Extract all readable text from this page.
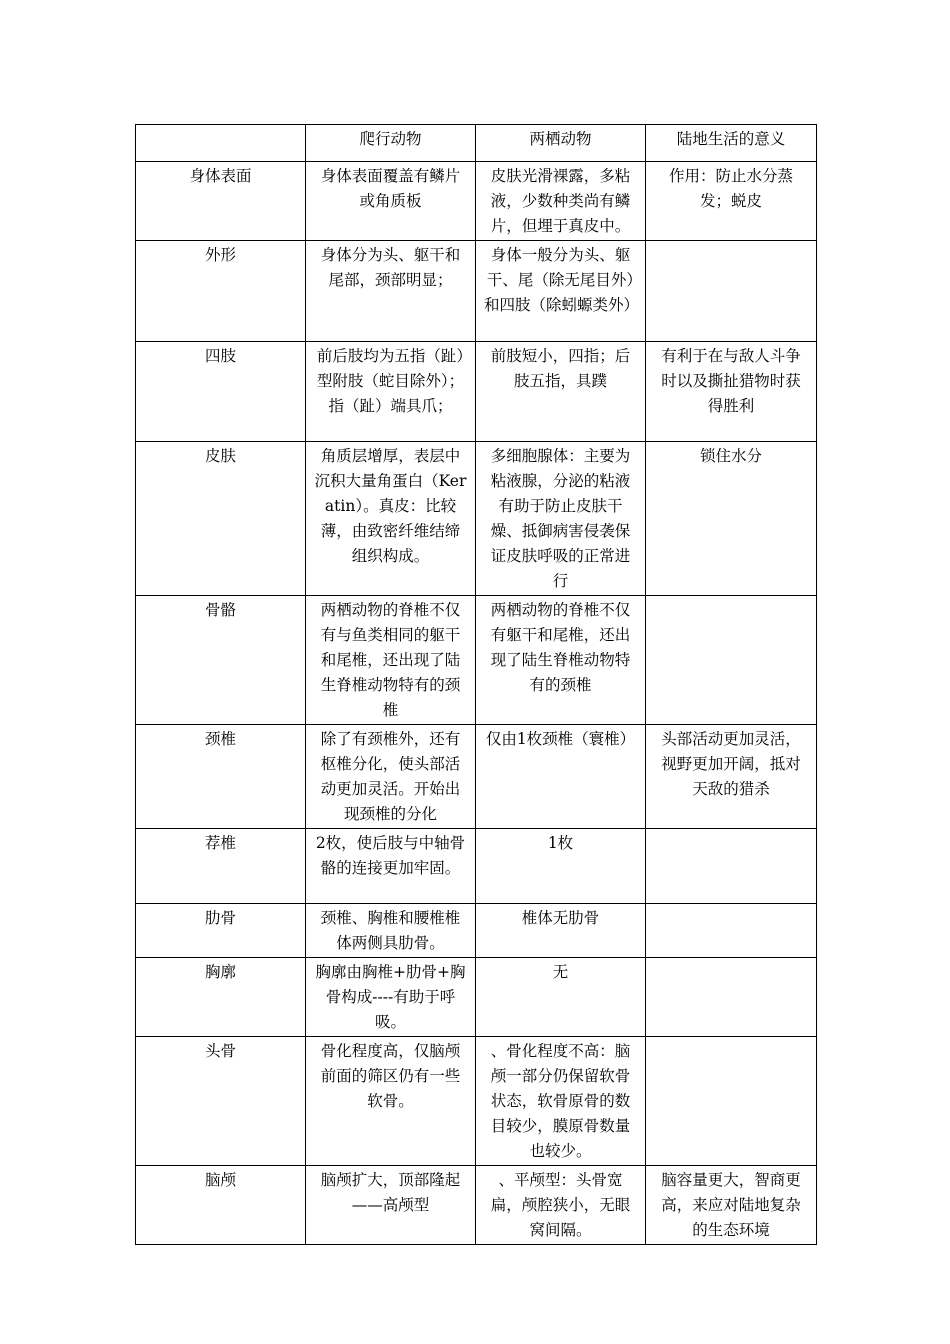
	爬行动物	两栖动物	陆地生活的意义
身体表面	身体表面覆盖有鳞片或角质板	皮肤光滑裸露，多粘液，少数种类尚有鳞片，但埋于真皮中。	作用：防止水分蒸发；蜕皮
外形	身体分为头、躯干和尾部，颈部明显；	身体一般分为头、躯干、尾（除无尾目外）和四肢（除蚓螈类外）	
四肢	前后肢均为五指（趾）型附肢（蛇目除外）；指（趾）端具爪；	前肢短小，四指；后肢五指，具蹼	有利于在与敌人斗争时以及撕扯猎物时获得胜利
皮肤	角质层增厚，表层中沉积大量角蛋白（Keratin）。真皮：比较薄，由致密纤维结缔组织构成。	多细胞腺体：主要为粘液腺，分泌的粘液有助于防止皮肤干燥、抵御病害侵袭保证皮肤呼吸的正常进行	锁住水分
骨骼	两栖动物的脊椎不仅有与鱼类相同的躯干和尾椎，还出现了陆生脊椎动物特有的颈椎	两栖动物的脊椎不仅有躯干和尾椎，还出现了陆生脊椎动物特有的颈椎	
颈椎	除了有颈椎外，还有枢椎分化，使头部活动更加灵活。开始出现颈椎的分化	仅由1枚颈椎（寰椎）	头部活动更加灵活，视野更加开阔，抵对天敌的猎杀
荐椎	2枚，使后肢与中轴骨骼的连接更加牢固。	1枚	
肋骨	颈椎、胸椎和腰椎椎体两侧具肋骨。	椎体无肋骨	
胸廓	胸廓由胸椎+肋骨+胸骨构成----有助于呼吸。	无	
头骨	骨化程度高，仅脑颅前面的筛区仍有一些软骨。	、骨化程度不高：脑颅一部分仍保留软骨状态，软骨原骨的数目较少，膜原骨数量也较少。	
脑颅	脑颅扩大，顶部隆起——高颅型	、平颅型：头骨宽扁，颅腔狭小，无眼窝间隔。	脑容量更大，智商更高，来应对陆地复杂的生态环境
